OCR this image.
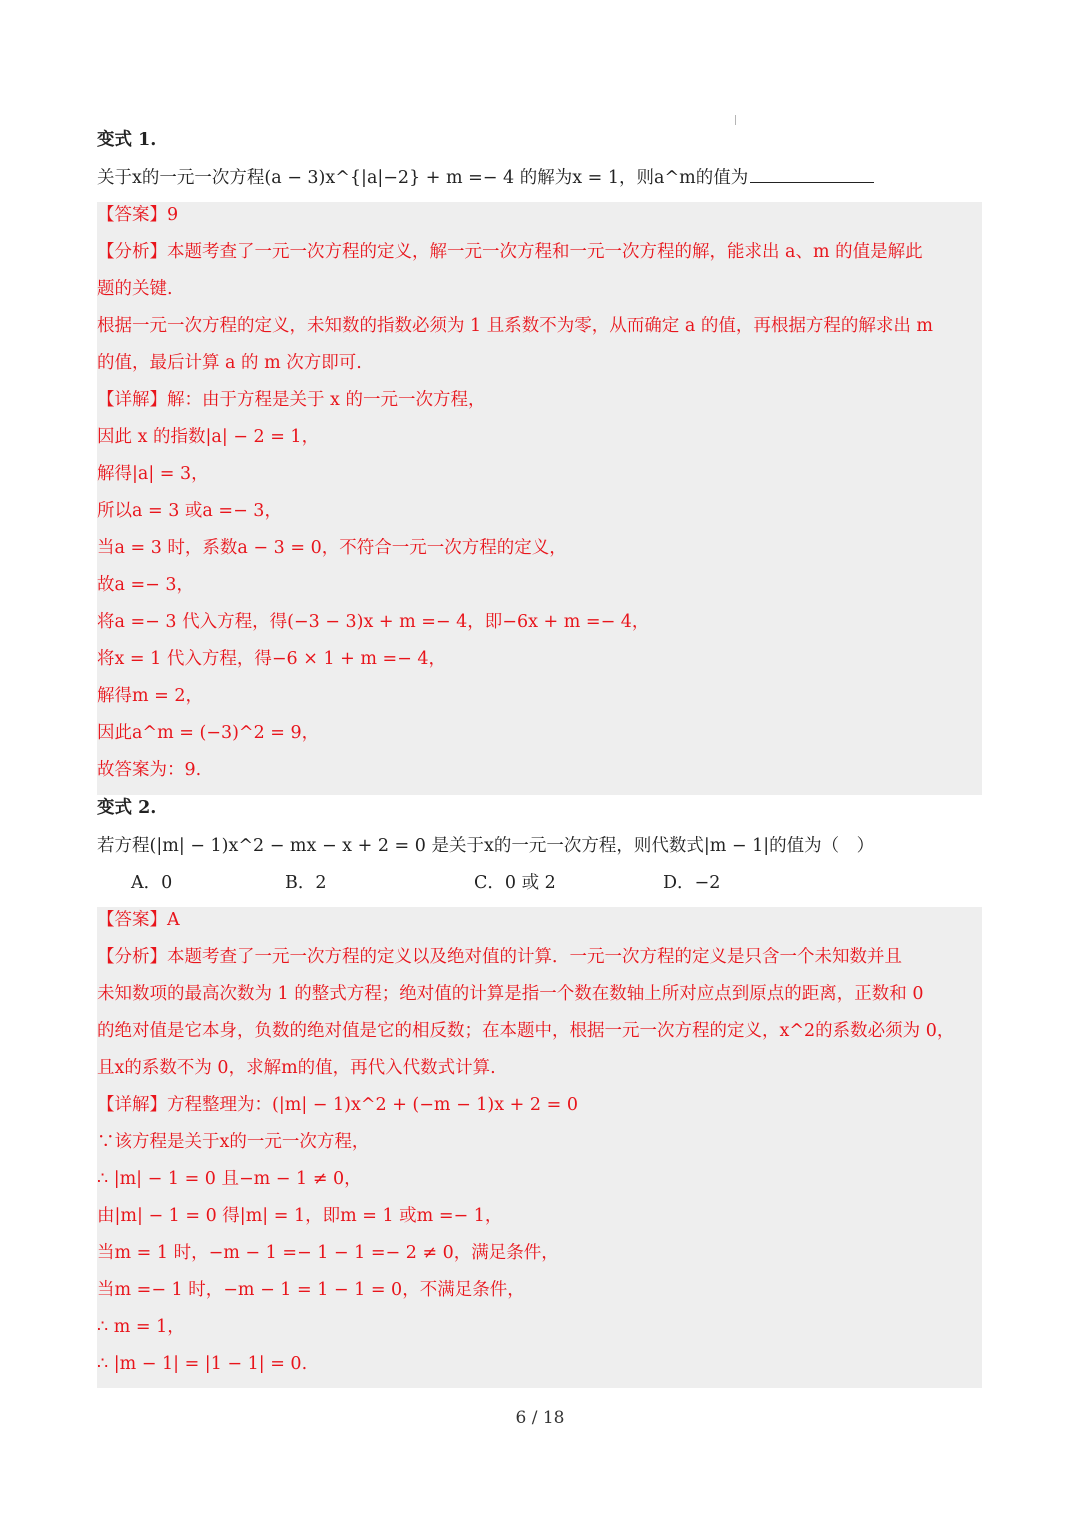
变式 1.
关于x的一元一次方程(a − 3)x^{|a|−2} + m =− 4 的解为x = 1，则a^m的值为
【答案】9
【分析】本题考查了一元一次方程的定义，解一元一次方程和一元一次方程的解，能求出 a、m 的值是解此
题的关键.
根据一元一次方程的定义，未知数的指数必须为 1 且系数不为零，从而确定 a 的值，再根据方程的解求出 m
的值，最后计算 a 的 m 次方即可.
【详解】解：由于方程是关于 x 的一元一次方程，
因此 x 的指数|a| − 2 = 1，
解得|a| = 3，
所以a = 3 或a =− 3，
当a = 3 时，系数a − 3 = 0，不符合一元一次方程的定义，
故a =− 3，
将a =− 3 代入方程，得(−3 − 3)x + m =− 4，即−6x + m =− 4，
将x = 1 代入方程，得−6 × 1 + m =− 4，
解得m = 2，
因此a^m = (−3)^2 = 9，
故答案为：9.
变式 2.
若方程(|m| − 1)x^2 − mx − x + 2 = 0 是关于x的一元一次方程，则代数式|m − 1|的值为（　）
A．0	B．2	C．0 或 2	D．−2
【答案】A
【分析】本题考查了一元一次方程的定义以及绝对值的计算．一元一次方程的定义是只含一个未知数并且
未知数项的最高次数为 1 的整式方程；绝对值的计算是指一个数在数轴上所对应点到原点的距离，正数和 0
的绝对值是它本身，负数的绝对值是它的相反数；在本题中，根据一元一次方程的定义，x^2的系数必须为 0，
且x的系数不为 0，求解m的值，再代入代数式计算.
【详解】方程整理为：(|m| − 1)x^2 + (−m − 1)x + 2 = 0
∵该方程是关于x的一元一次方程，
∴ |m| − 1 = 0 且−m − 1 ≠ 0，
由|m| − 1 = 0 得|m| = 1，即m = 1 或m =− 1，
当m = 1 时，−m − 1 =− 1 − 1 =− 2 ≠ 0，满足条件，
当m =− 1 时，−m − 1 = 1 − 1 = 0，不满足条件，
∴ m = 1，
∴ |m − 1| = |1 − 1| = 0.
6 / 18
